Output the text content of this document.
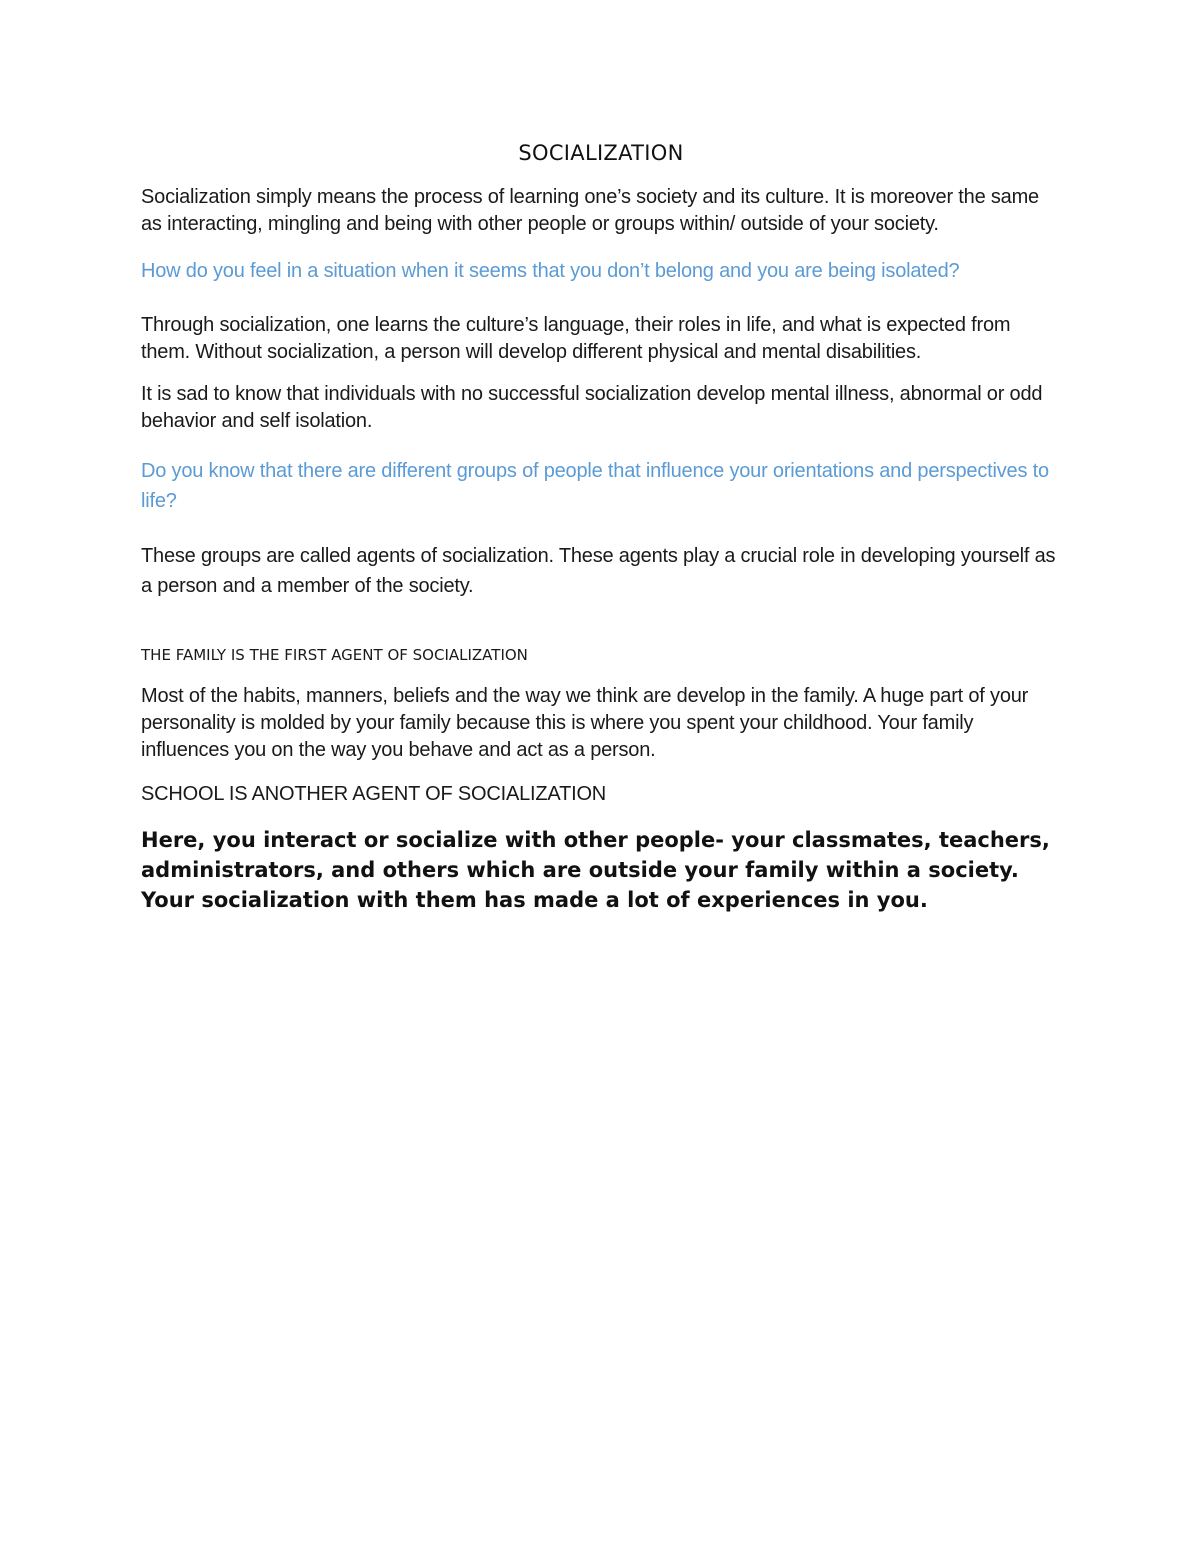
SOCIALIZATION

Socialization simply means the process of learning one’s society and its culture. It is moreover the same as interacting, mingling and being with other people or groups within/ outside of your society.

How do you feel in a situation when it seems that you don’t belong and you are being isolated?

Through socialization, one learns the culture’s language, their roles in life, and what is expected from them. Without socialization, a person will develop different physical and mental disabilities.

It is sad to know that individuals with no successful socialization develop mental illness, abnormal or odd behavior and self isolation.

Do you know that there are different groups of people that influence your orientations and perspectives to life?

These groups are called agents of socialization. These agents play a crucial role in developing yourself as a person and a member of the society.

THE FAMILY IS THE FIRST AGENT OF SOCIALIZATION

Most of the habits, manners, beliefs and the way we think are develop in the family. A huge part of your personality is molded by your family because this is where you spent your childhood. Your family influences you on the way you behave and act as a person.

SCHOOL IS ANOTHER AGENT OF SOCIALIZATION

Here, you interact or socialize with other people- your classmates, teachers, administrators, and others which are outside your family within a society. Your socialization with them has made a lot of experiences in you.
